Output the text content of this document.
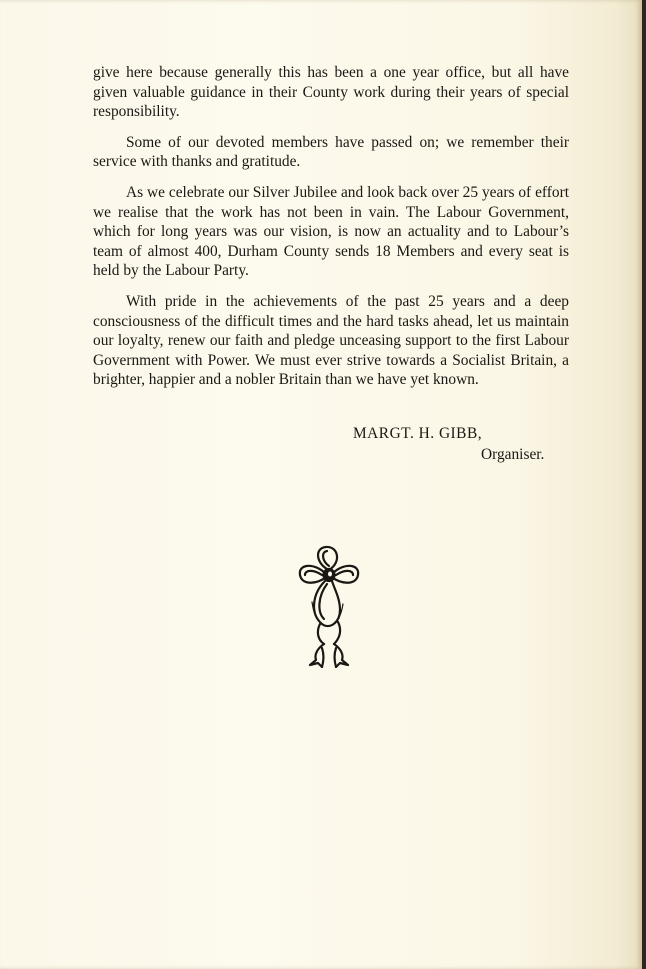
give here because generally this has been a one year office, but all have given valuable guidance in their County work during their years of special responsibility.

Some of our devoted members have passed on; we remember their service with thanks and gratitude.

As we celebrate our Silver Jubilee and look back over 25 years of effort we realise that the work has not been in vain. The Labour Government, which for long years was our vision, is now an actuality and to Labour’s team of almost 400, Durham County sends 18 Members and every seat is held by the Labour Party.

With pride in the achievements of the past 25 years and a deep consciousness of the difficult times and the hard tasks ahead, let us maintain our loyalty, renew our faith and pledge unceasing support to the first Labour Government with Power. We must ever strive towards a Socialist Britain, a brighter, happier and a nobler Britain than we have yet known.

MARGT. H. GIBB,
Organiser.
